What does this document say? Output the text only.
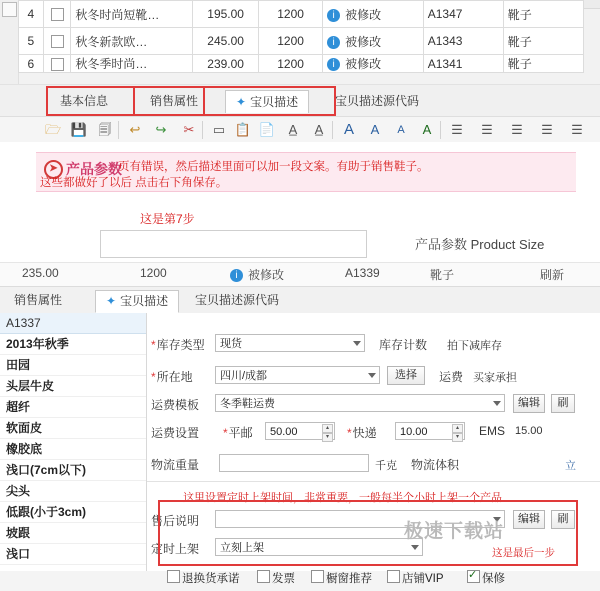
4		秋冬时尚短靴…	195.00	1200	i 被修改	A1347	靴子
5		秋冬新款欧…	245.00	1200	i 被修改	A1343	靴子
6		秋冬季时尚…	239.00	1200	i 被修改	A1341	靴子
基本信息	销售属性	✦ 宝贝描述	宝贝描述源代码
🗁 💾 🗐 ↩ ↪ ✂ ▭ 📋 📄	A̲	A̲	A	A	A	A	☰ ☰ ☰ ☰ ☰
➤ 产品参数
页有错误，然后描述里面可以加一段文案。有助于销售鞋子。
这些都做好了以后 点击右下角保存。
这是第7步
产品参数 Product Size
235.00	1200	i 被修改	A1339	靴子	刷新
销售属性	✦ 宝贝描述	宝贝描述源代码
A1337
2013年秋季
田园
头层牛皮
超纤
软面皮
橡胶底
浅口(7cm以下)
尖头
低跟(小于3cm)
坡跟
浅口
*库存类型	现货	库存计数 拍下减库存
*所在地	四川/成都	选择	运费 买家承担
运费模板	冬季鞋运费	编辑	刷
运费设置 *平邮	50.00	▴
▾	*快递	10.00	▴
▾	EMS 15.00
物流重量	千克 物流体积	立
这里设置定时上架时间，非常重要，一般每半个小时上架一个产品
售后说明	编辑	刷
定时上架	立刻上架
退换货承诺	发票	橱窗推荐	店铺VIP ✓	保修
极速下载站
这是最后一步
